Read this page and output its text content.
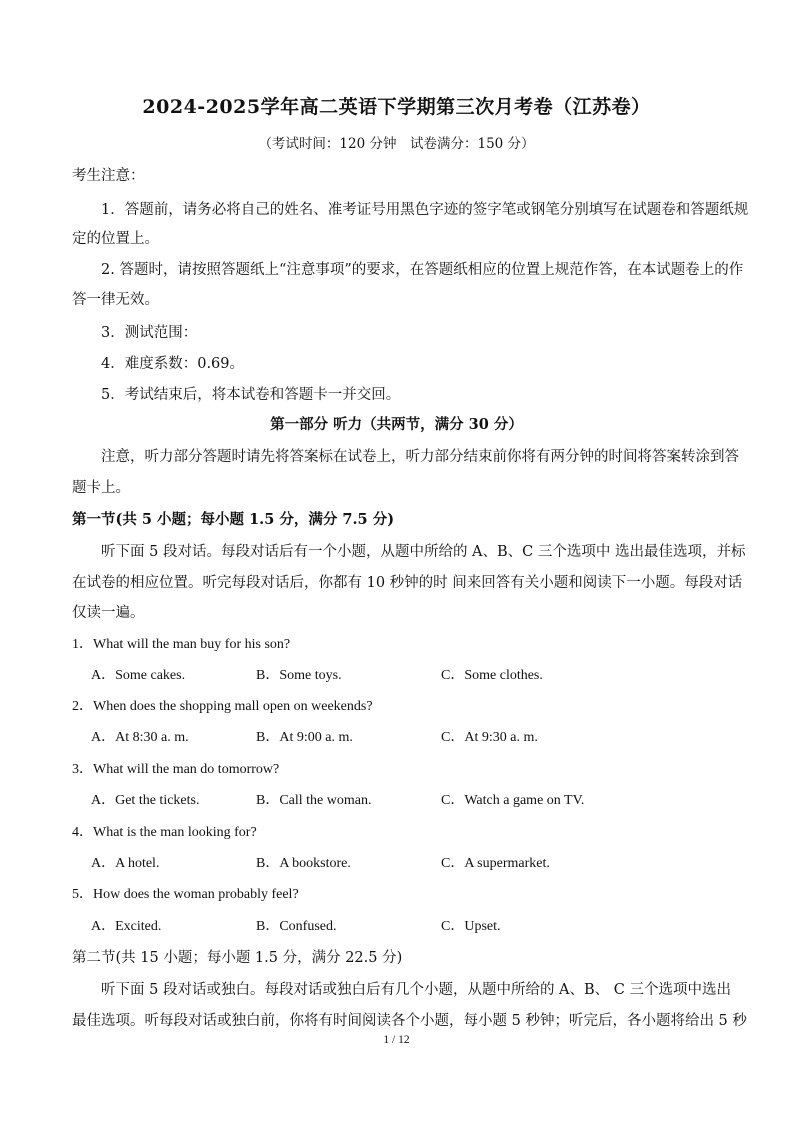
2024-2025学年高二英语下学期第三次月考卷（江苏卷）
（考试时间：120 分钟　试卷满分：150 分）
考生注意：
1．答题前，请务必将自己的姓名、准考证号用黑色字迹的签字笔或钢笔分别填写在试题卷和答题纸规
定的位置上。
2. 答题时，请按照答题纸上“注意事项”的要求，在答题纸相应的位置上规范作答，在本试题卷上的作
答一律无效。
3．测试范围：
4．难度系数：0.69。
5．考试结束后，将本试卷和答题卡一并交回。
第一部分 听力（共两节，满分 30 分）
注意，听力部分答题时请先将答案标在试卷上，听力部分结束前你将有两分钟的时间将答案转涂到答
题卡上。
第一节(共 5 小题；每小题 1.5 分，满分 7.5 分)
听下面 5 段对话。每段对话后有一个小题，从题中所给的 A、B、C 三个选项中 选出最佳选项，并标
在试卷的相应位置。听完每段对话后，你都有 10 秒钟的时 间来回答有关小题和阅读下一小题。每段对话
仅读一遍。
1．What will the man buy for his son?
A．Some cakes.	B．Some toys.	C．Some clothes.
2．When does the shopping mall open on weekends?
A．At 8:30 a. m.	B．At 9:00 a. m.	C．At 9:30 a. m.
3．What will the man do tomorrow?
A．Get the tickets.	B．Call the woman.	C．Watch a game on TV.
4．What is the man looking for?
A．A hotel.	B．A bookstore.	C．A supermarket.
5．How does the woman probably feel?
A．Excited.	B．Confused.	C．Upset.
第二节(共 15 小题；每小题 1.5 分，满分 22.5 分)
听下面 5 段对话或独白。每段对话或独白后有几个小题，从题中所给的 A、B、 C 三个选项中选出
最佳选项。听每段对话或独白前，你将有时间阅读各个小题，每小题 5 秒钟；听完后，各小题将给出 5 秒
1 / 12
